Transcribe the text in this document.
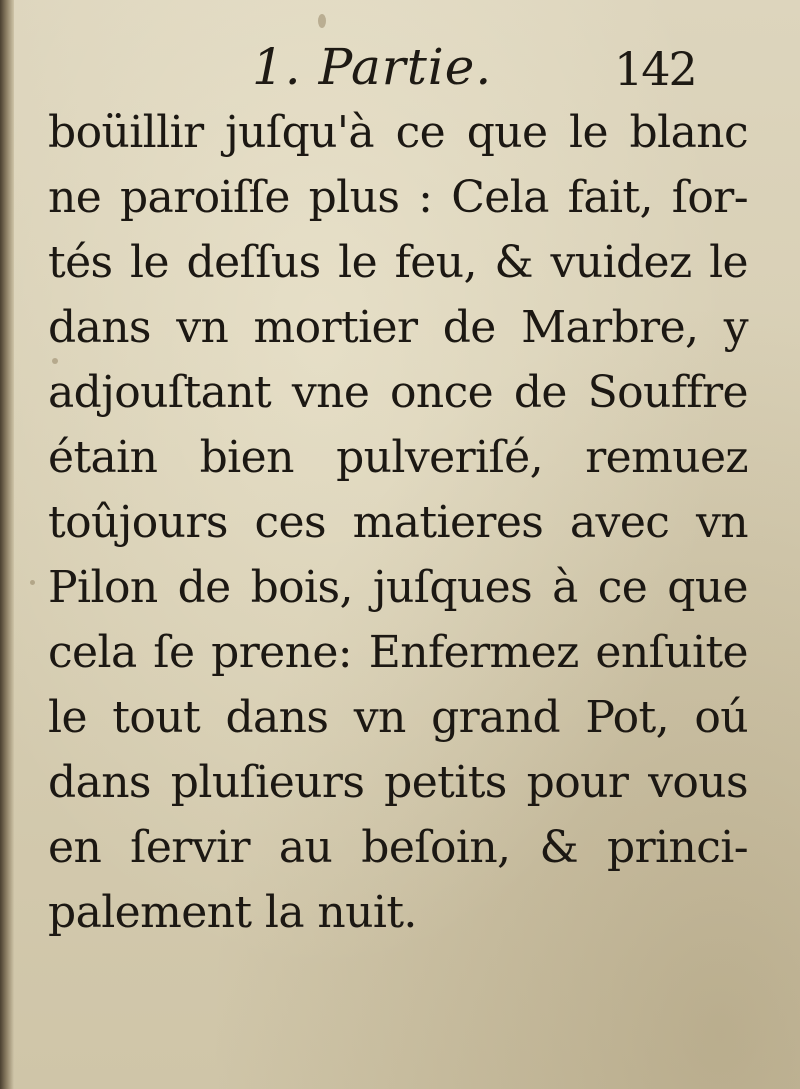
1. Partie.	142
boüillir juſqu'à ce que le blanc
ne paroiſſe plus : Cela fait, ſor-
tés le deſſus le feu, & vuidez le
dans vn mortier de Marbre, y
adjouſtant vne once de Souffre
étain bien pulveriſé, remuez
toûjours ces matieres avec vn
Pilon de bois, juſques à ce que
cela ſe prene: Enfermez enſuite
le tout dans vn grand Pot, oú
dans pluſieurs petits pour vous
en ſervir au beſoin, & princi-
palement la nuit.
